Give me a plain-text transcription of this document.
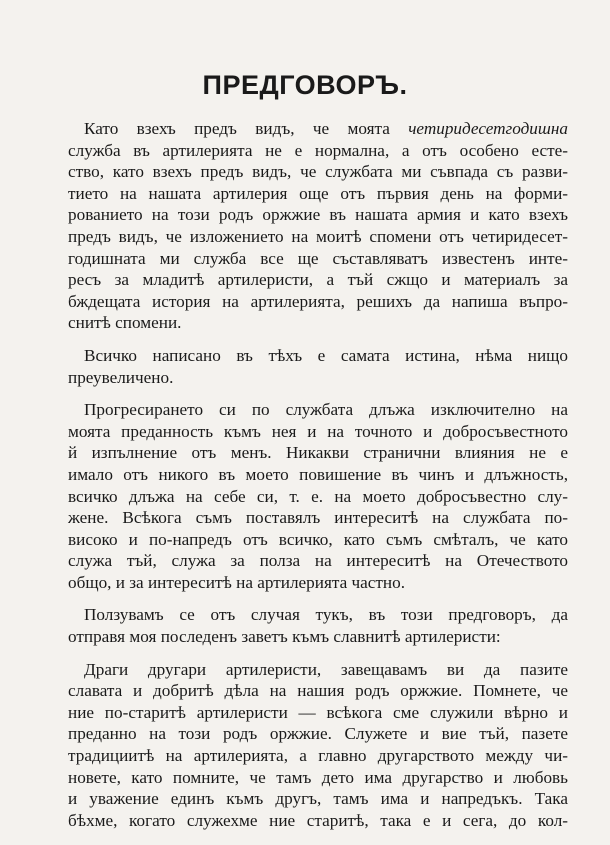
ПРЕДГОВОРЪ.
Като взехъ предъ видъ, че моята четиридесетгодишна
служба въ артилерията не е нормална, а отъ особено есте-
ство, като взехъ предъ видъ, че службата ми съвпада съ разви-
тието на нашата артилерия още отъ първия день на форми-
рованието на този родъ оржжие въ нашата армия и като взехъ
предъ видъ, че изложението на моитѣ спомени отъ четиридесет-
годишната ми служба все ще съставляватъ известенъ инте-
ресъ за младитѣ артилеристи, а тъй сжщо и материалъ за
бждещата история на артилерията, решихъ да напиша въпро-
снитѣ спомени.
Всичко написано въ тѣхъ е самата истина, нѣма нищо
преувеличено.
Прогресирането си по службата длъжа изключително на
моята преданность къмъ нея и на точното и добросъвестното
й изпълнение отъ менъ. Никакви странични влияния не е
имало отъ никого въ моето повишение въ чинъ и длъжность,
всичко длъжа на себе си, т. е. на моето добросъвестно слу-
жене. Всѣкога съмъ поставялъ интереситѣ на службата по-
високо и по-напредъ отъ всичко, като съмъ смѣталъ, че като
служа тъй, служа за полза на интереситѣ на Отечеството
общо, и за интереситѣ на артилерията частно.
Ползувамъ се отъ случая тукъ, въ този предговоръ, да
отправя моя последенъ заветъ къмъ славнитѣ артилеристи:
Драги другари артилеристи, завещавамъ ви да пазите
славата и добритѣ дѣла на нашия родъ оржжие. Помнете, че
ние по-старитѣ артилеристи — всѣкога сме служили вѣрно и
преданно на този родъ оржжие. Служете и вие тъй, пазете
традициитѣ на артилерията, а главно другарството между чи-
новете, като помните, че тамъ дето има другарство и любовь
и уважение единъ къмъ другъ, тамъ има и напредъкъ. Така
бѣхме, когато служехме ние старитѣ, така е и сега, до кол-
